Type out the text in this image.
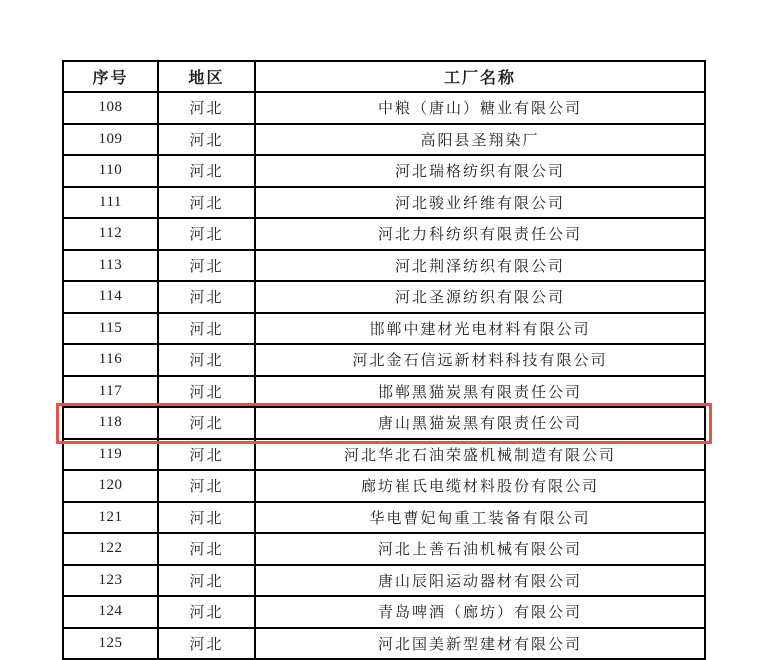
序号	地区	工厂名称
108	河北	中粮（唐山）糖业有限公司
109	河北	高阳县圣翔染厂
110	河北	河北瑞格纺织有限公司
111	河北	河北骏业纤维有限公司
112	河北	河北力科纺织有限责任公司
113	河北	河北荆泽纺织有限公司
114	河北	河北圣源纺织有限公司
115	河北	邯郸中建材光电材料有限公司
116	河北	河北金石信远新材料科技有限公司
117	河北	邯郸黑猫炭黑有限责任公司
118	河北	唐山黑猫炭黑有限责任公司
119	河北	河北华北石油荣盛机械制造有限公司
120	河北	廊坊崔氏电缆材料股份有限公司
121	河北	华电曹妃甸重工装备有限公司
122	河北	河北上善石油机械有限公司
123	河北	唐山辰阳运动器材有限公司
124	河北	青岛啤酒（廊坊）有限公司
125	河北	河北国美新型建材有限公司
